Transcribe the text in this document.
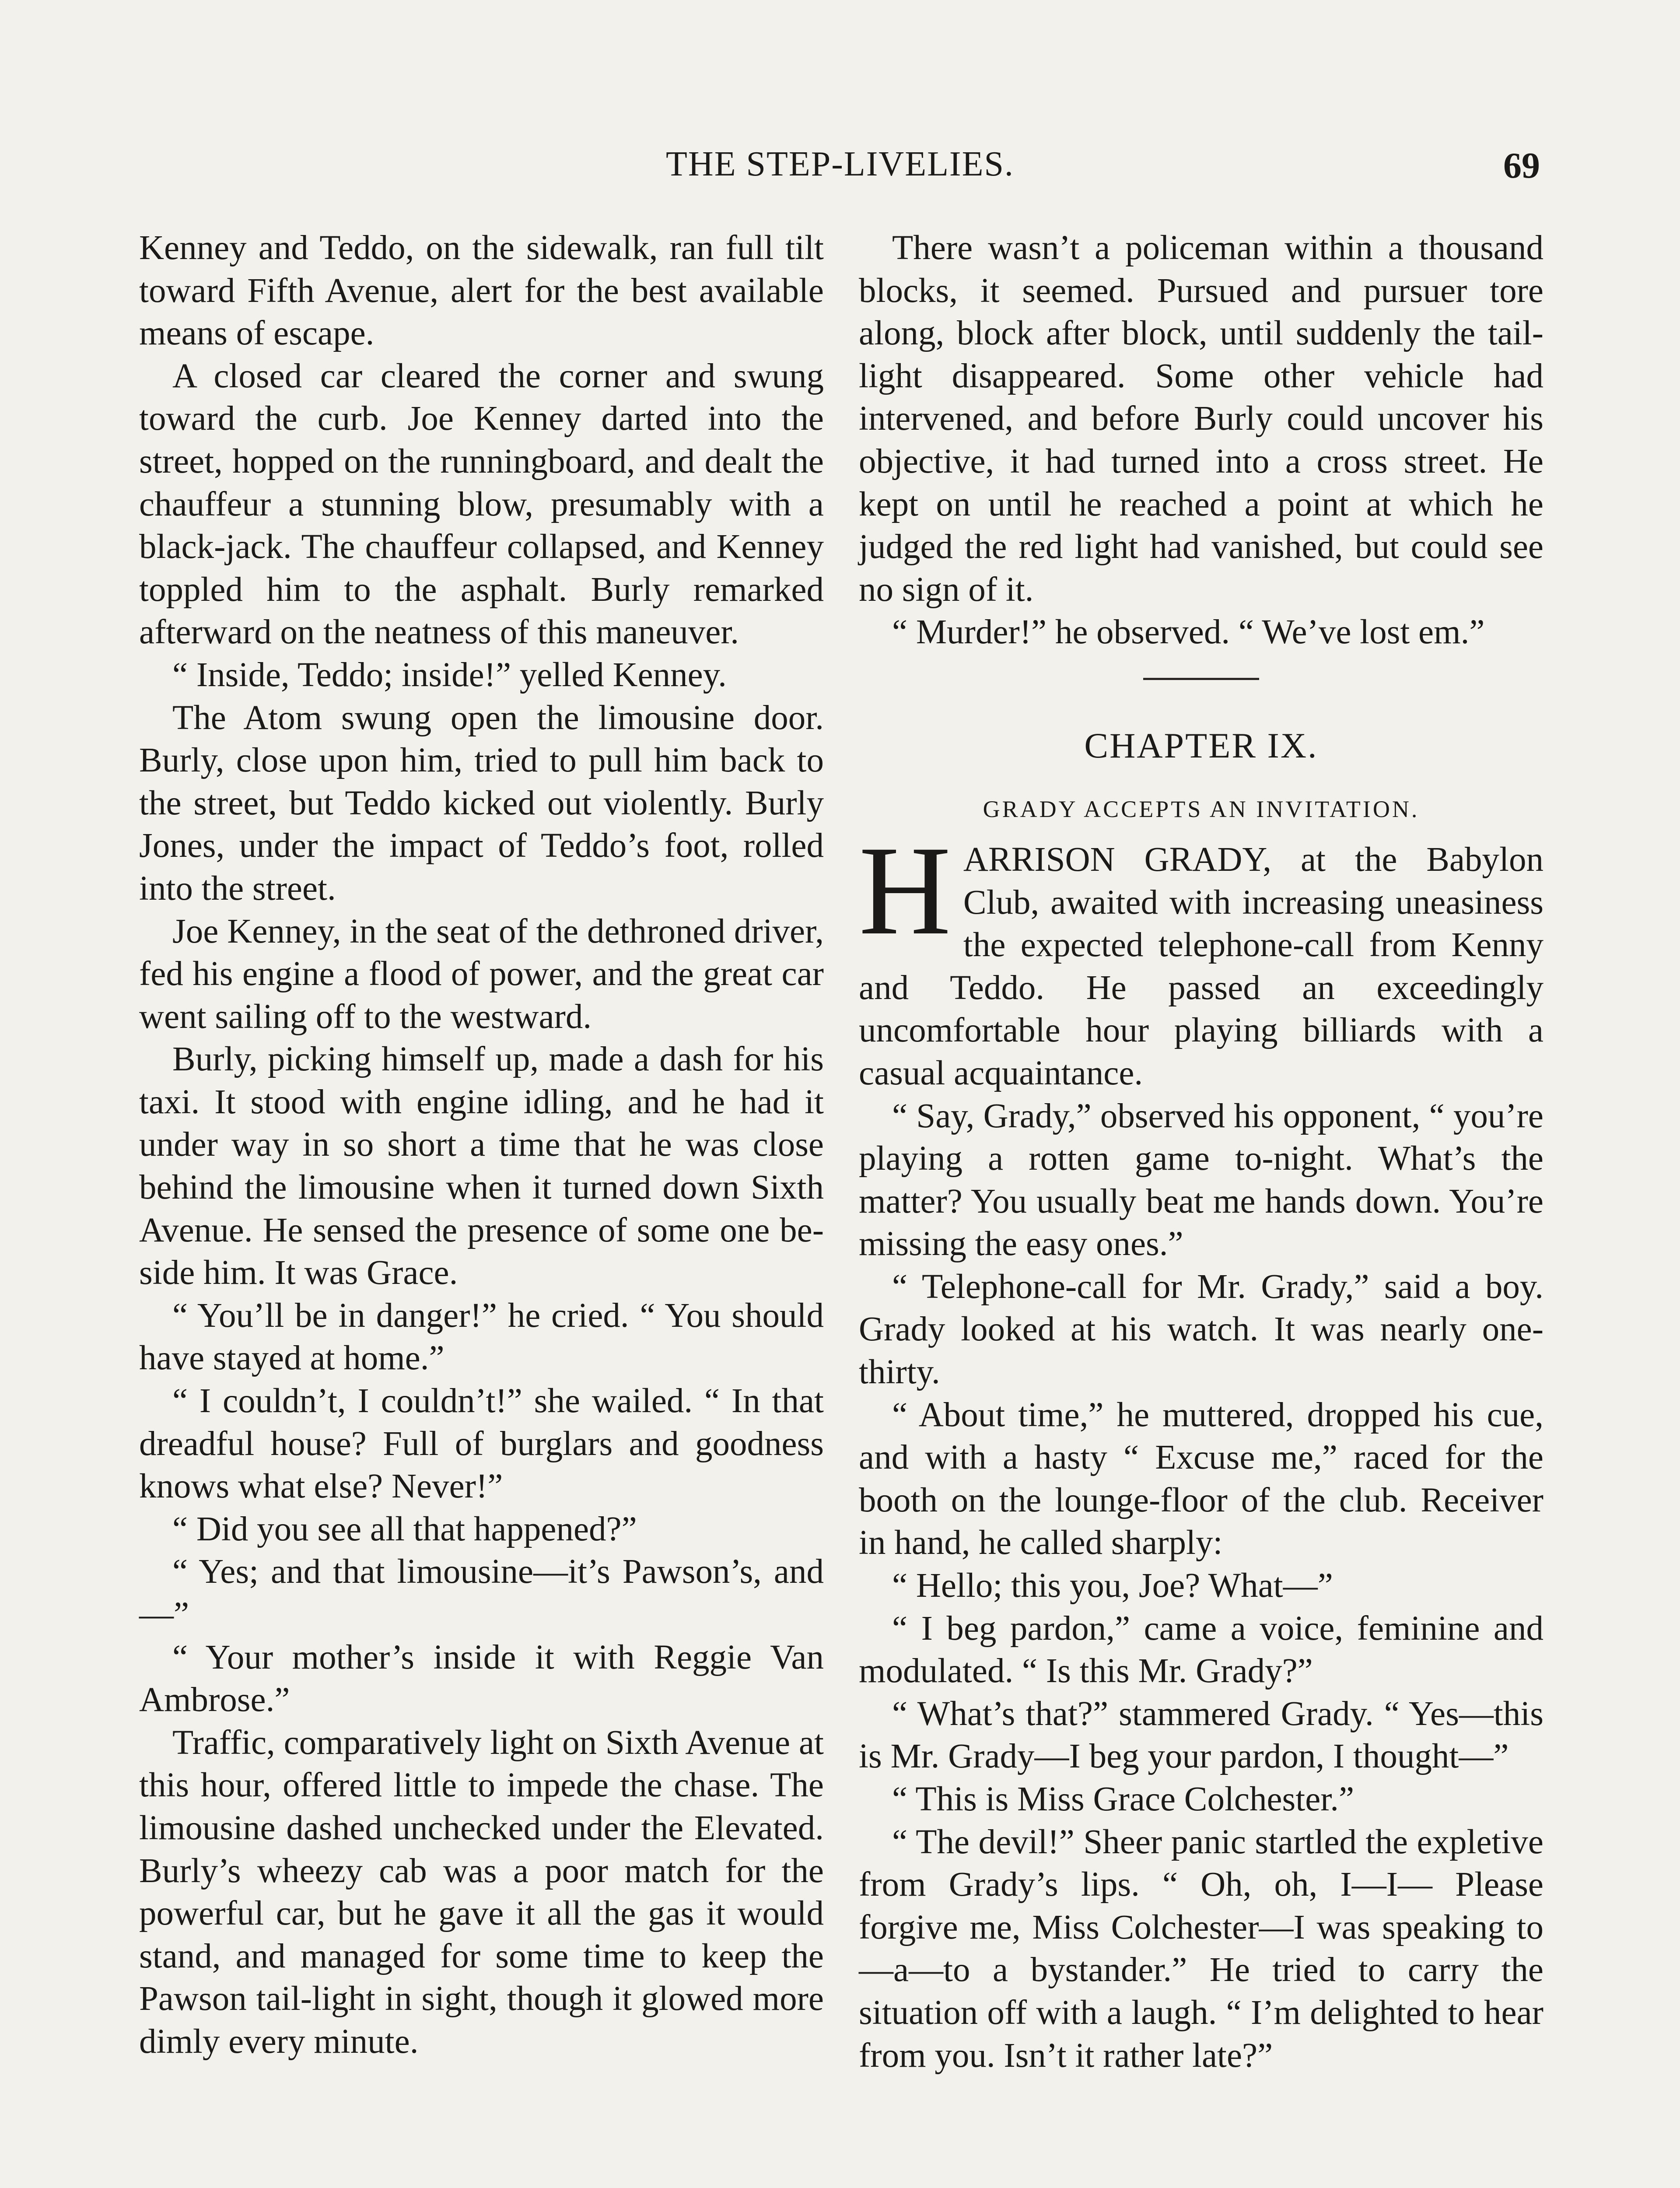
THE STEP-LIVELIES.	69

Kenney and Teddo, on the sidewalk, ran full tilt toward Fifth Avenue, alert for the best available means of escape.

A closed car cleared the corner and swung toward the curb. Joe Kenney darted into the street, hopped on the runningboard, and dealt the chauffeur a stunning blow, presumably with a black-jack. The chauffeur collapsed, and Kenney toppled him to the asphalt. Burly remarked afterward on the neatness of this maneuver.

“ Inside, Teddo; inside!” yelled Kenney.

The Atom swung open the limousine door. Burly, close upon him, tried to pull him back to the street, but Teddo kicked out violently. Burly Jones, under the impact of Teddo’s foot, rolled into the street.

Joe Kenney, in the seat of the dethroned driver, fed his engine a flood of power, and the great car went sailing off to the westward.

Burly, picking himself up, made a dash for his taxi. It stood with engine idling, and he had it under way in so short a time that he was close behind the limousine when it turned down Sixth Avenue. He sensed the presence of some one beside him. It was Grace.

“ You’ll be in danger!” he cried. “ You should have stayed at home.”

“ I couldn’t, I couldn’t!” she wailed. “ In that dreadful house? Full of burglars and goodness knows what else? Never!”

“ Did you see all that happened?”

“ Yes; and that limousine—it’s Pawson’s, and—”

“ Your mother’s inside it with Reggie Van Ambrose.”

Traffic, comparatively light on Sixth Avenue at this hour, offered little to impede the chase. The limousine dashed unchecked under the Elevated. Burly’s wheezy cab was a poor match for the powerful car, but he gave it all the gas it would stand, and managed for some time to keep the Pawson tail-light in sight, though it glowed more dimly every minute.

There wasn’t a policeman within a thousand blocks, it seemed. Pursued and pursuer tore along, block after block, until suddenly the tail-light disappeared. Some other vehicle had intervened, and before Burly could uncover his objective, it had turned into a cross street. He kept on until he reached a point at which he judged the red light had vanished, but could see no sign of it.

“ Murder!” he observed. “ We’ve lost em.”

CHAPTER IX.
GRADY ACCEPTS AN INVITATION.

HARRISON GRADY, at the Babylon Club, awaited with increasing uneasiness the expected telephone-call from Kenny and Teddo. He passed an exceedingly uncomfortable hour playing billiards with a casual acquaintance.

“ Say, Grady,” observed his opponent, “ you’re playing a rotten game to-night. What’s the matter? You usually beat me hands down. You’re missing the easy ones.”

“ Telephone-call for Mr. Grady,” said a boy. Grady looked at his watch. It was nearly one-thirty.

“ About time,” he muttered, dropped his cue, and with a hasty “ Excuse me,” raced for the booth on the lounge-floor of the club. Receiver in hand, he called sharply:

“ Hello; this you, Joe? What—”

“ I beg pardon,” came a voice, feminine and modulated. “ Is this Mr. Grady?”

“ What’s that?” stammered Grady. “ Yes—this is Mr. Grady—I beg your pardon, I thought—”

“ This is Miss Grace Colchester.”

“ The devil!” Sheer panic startled the expletive from Grady’s lips. “ Oh, oh, I—I— Please forgive me, Miss Colchester—I was speaking to—a—to a bystander.” He tried to carry the situation off with a laugh. “ I’m delighted to hear from you. Isn’t it rather late?”
